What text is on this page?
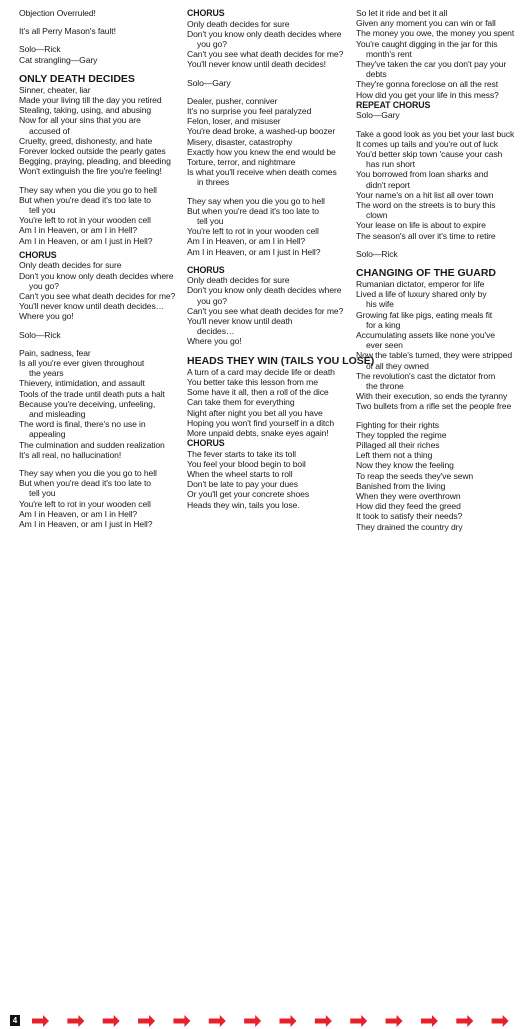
Objection Overruled!
It's all Perry Mason's fault!
Solo—Rick
Cat strangling—Gary
ONLY DEATH DECIDES
Sinner, cheater, liar
Made your living till the day you retired
Stealing, taking, using, and abusing
Now for all your sins that you are
accused of
Cruelty, greed, dishonesty, and hate
Forever locked outside the pearly gates
Begging, praying, pleading, and bleeding
Won't extinguish the fire you're feeling!
They say when you die you go to hell
But when you're dead it's too late to
tell you
You're left to rot in your wooden cell
Am I in Heaven, or am I in Hell?
Am I in Heaven, or am I just in Hell?
CHORUS
Only death decides for sure
Don't you know only death decides where
you go?
Can't you see what death decides for me?
You'll never know until death decides…
Where you go!
Solo—Rick
Pain, sadness, fear
Is all you're ever given throughout
the years
Thievery, intimidation, and assault
Tools of the trade until death puts a halt
Because you're deceiving, unfeeling,
and misleading
The word is final, there's no use in
appealing
The culmination and sudden realization
It's all real, no hallucination!
They say when you die you go to hell
But when you're dead it's too late to
tell you
You're left to rot in your wooden cell
Am I in Heaven, or am I in Hell?
Am I in Heaven, or am I just in Hell?
CHORUS
Only death decides for sure
Don't you know only death decides where
you go?
Can't you see what death decides for me?
You'll never know until death decides!
Solo—Gary
Dealer, pusher, conniver
It's no surprise you feel paralyzed
Felon, loser, and misuser
You're dead broke, a washed-up boozer
Misery, disaster, catastrophy
Exactly how you knew the end would be
Torture, terror, and nightmare
Is what you'll receive when death comes
in threes
They say when you die you go to hell
But when you're dead it's too late to
tell you
You're left to rot in your wooden cell
Am I in Heaven, or am I in Hell?
Am I in Heaven, or am I just in Hell?
CHORUS
Only death decides for sure
Don't you know only death decides where
you go?
Can't you see what death decides for me?
You'll never know until death
decides…
Where you go!
HEADS THEY WIN (TAILS YOU LOSE)
A turn of a card may decide life or death
You better take this lesson from me
Some have it all, then a roll of the dice
Can take them for everything
Night after night you bet all you have
Hoping you won't find yourself in a ditch
More unpaid debts, snake eyes again!
CHORUS
The fever starts to take its toll
You feel your blood begin to boil
When the wheel starts to roll
Don't be late to pay your dues
Or you'll get your concrete shoes
Heads they win, tails you lose.
So let it ride and bet it all
Given any moment you can win or fall
The money you owe, the money you spent
You're caught digging in the jar for this
month's rent
They've taken the car you don't pay your
debts
They're gonna foreclose on all the rest
How did you get your life in this mess?
REPEAT CHORUS
Solo—Gary
Take a good look as you bet your last buck
It comes up tails and you're out of luck
You'd better skip town 'cause your cash
has run short
You borrowed from loan sharks and
didn't report
Your name's on a hit list all over town
The word on the streets is to bury this
clown
Your lease on life is about to expire
The season's all over it's time to retire
Solo—Rick
CHANGING OF THE GUARD
Rumanian dictator, emperor for life
Lived a life of luxury shared only by
his wife
Growing fat like pigs, eating meals fit
for a king
Accumulating assets like none you've
ever seen
Now the table's turned, they were stripped
of all they owned
The revolution's cast the dictator from
the throne
With their execution, so ends the tyranny
Two bullets from a rifle set the people free
Fighting for their rights
They toppled the regime
Pillaged all their riches
Left them not a thing
Now they know the feeling
To reap the seeds they've sewn
Banished from the living
When they were overthrown
How did they feed the greed
It took to satisfy their needs?
They drained the country dry
4
